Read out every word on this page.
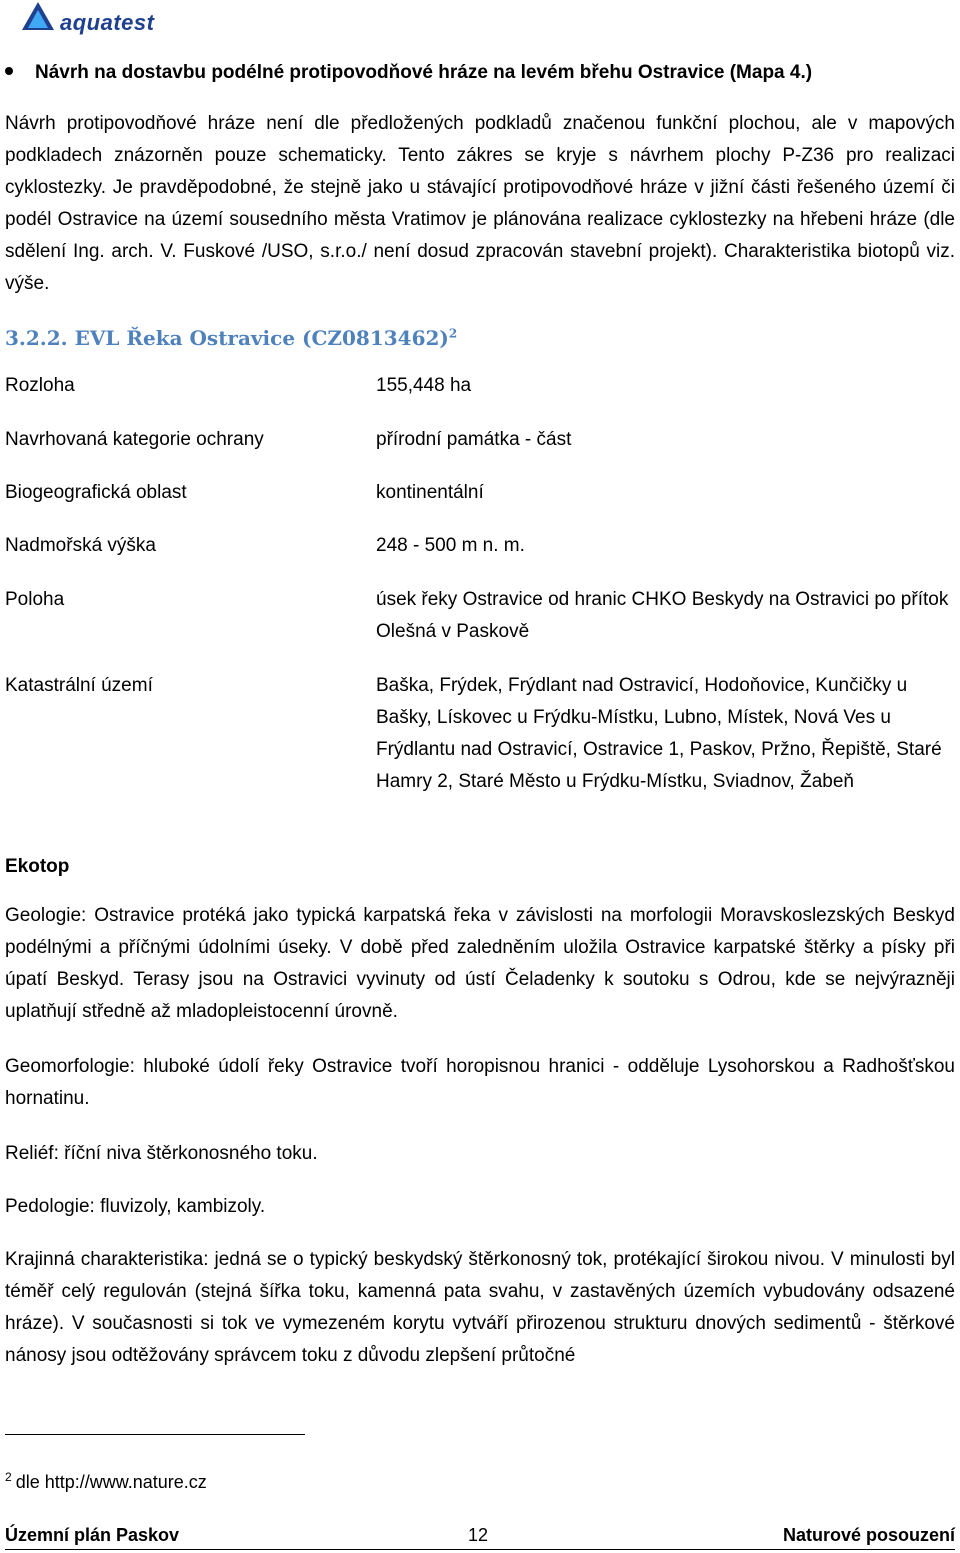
aquatest
Návrh na dostavbu podélné protipovodňové hráze na levém břehu Ostravice (Mapa 4.)
Návrh protipovodňové hráze není dle předložených podkladů značenou funkční plochou, ale v mapových podkladech znázorněn pouze schematicky. Tento zákres se kryje s návrhem plochy P-Z36 pro realizaci cyklostezky. Je pravděpodobné, že stejně jako u stávající protipovodňové hráze v jižní části řešeného území či podél Ostravice na území sousedního města Vratimov je plánována realizace cyklostezky na hřebeni hráze (dle sdělení Ing. arch. V. Fuskové /USO, s.r.o./ není dosud zpracován stavební projekt). Charakteristika biotopů viz. výše.
3.2.2. EVL Řeka Ostravice $(CZ0813462)^2$
Rozloha	155,448 ha
Navrhovaná kategorie ochrany	přírodní památka - část
Biogeografická oblast	kontinentální
Nadmořská výška	248 - 500 m n. m.
Poloha	úsek řeky Ostravice od hranic CHKO Beskydy na Ostravici po přítok Olešná v Paskově
Katastrální území	Baška, Frýdek, Frýdlant nad Ostravicí, Hodoňovice, Kunčičky u Bašky, Lískovec u Frýdku-Místku, Lubno, Místek, Nová Ves u Frýdlantu nad Ostravicí, Ostravice 1, Paskov, Pržno, Řepiště, Staré Hamry 2, Staré Město u Frýdku-Místku, Sviadnov, Žabeň
Ekotop
Geologie: Ostravice protéká jako typická karpatská řeka v závislosti na morfologii Moravskoslezských Beskyd podélnými a příčnými údolními úseky. V době před zaledněním uložila Ostravice karpatské štěrky a písky při úpatí Beskyd. Terasy jsou na Ostravici vyvinuty od ústí Čeladenky k soutoku s Odrou, kde se nejvýrazněji uplatňují středně až mladopleistocenní úrovně.
Geomorfologie: hluboké údolí řeky Ostravice tvoří horopisnou hranici - odděluje Lysohorskou a Radhošťskou hornatinu.
Reliéf: říční niva štěrkonosného toku.
Pedologie: fluvizoly, kambizoly.
Krajinná charakteristika: jedná se o typický beskydský štěrkonosný tok, protékající širokou nivou. V minulosti byl téměř celý regulován (stejná šířka toku, kamenná pata svahu, v zastavěných územích vybudovány odsazené hráze). V současnosti si tok ve vymezeném korytu vytváří přirozenou strukturu dnových sedimentů - štěrkové nánosy jsou odtěžovány správcem toku z důvodu zlepšení průtočné
$^2$ dle http://www.nature.cz
Územní plán Paskov	12	Naturové posouzení
